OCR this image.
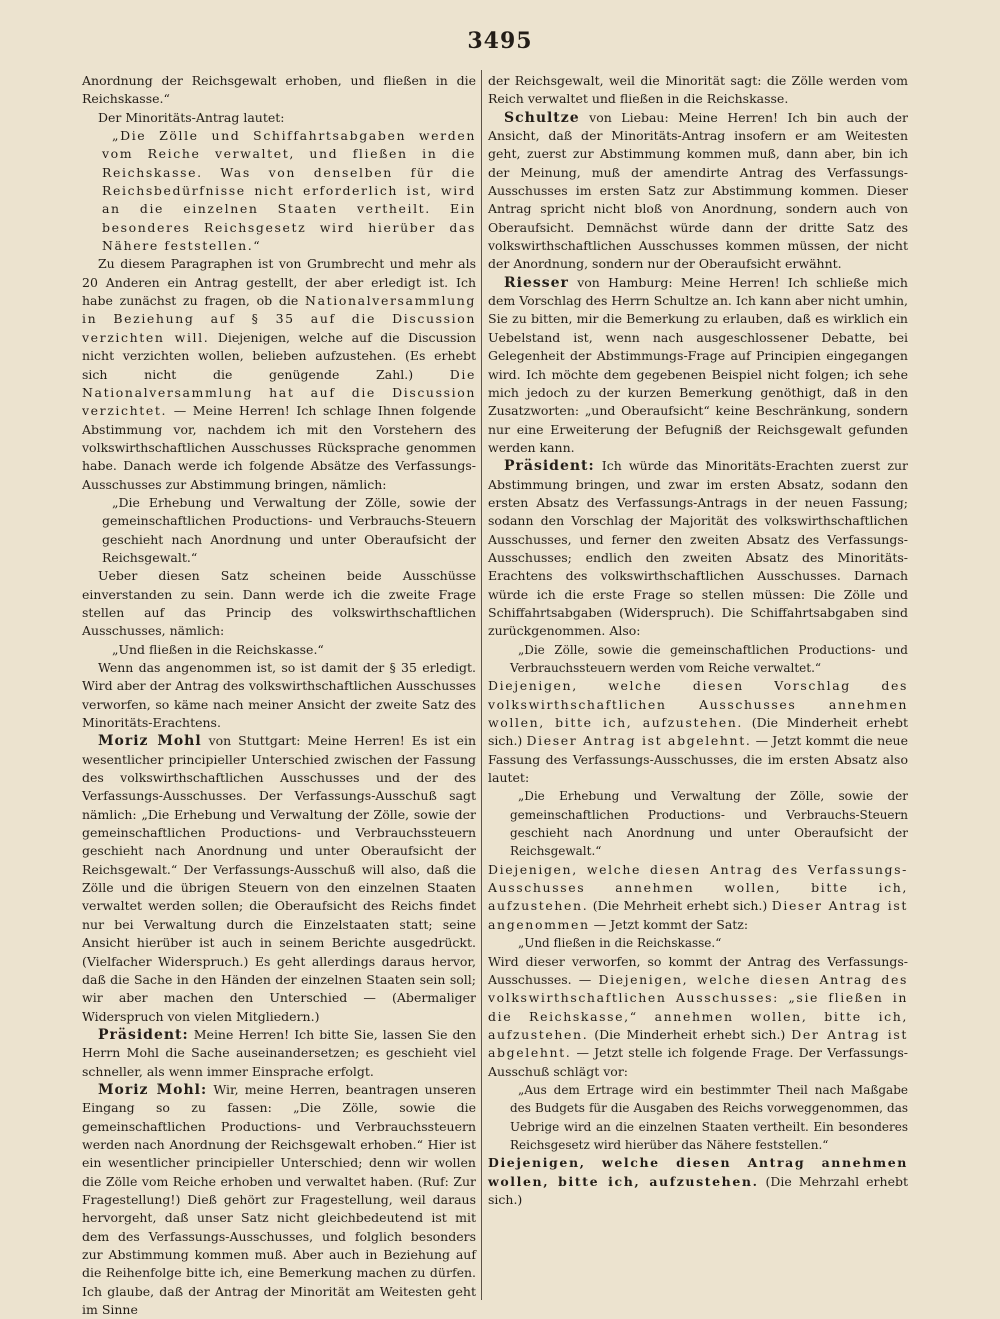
3495

Anordnung der Reichsgewalt erhoben, und fließen in die Reichskasse.“

Der Minoritäts-Antrag lautet:

„Die Zölle und Schiffahrtsabgaben werden vom Reiche verwaltet, und fließen in die Reichskasse. Was von denselben für die Reichsbedürfnisse nicht erforderlich ist, wird an die einzelnen Staaten vertheilt. Ein besonderes Reichsgesetz wird hierüber das Nähere feststellen.“

Zu diesem Paragraphen ist von Grumbrecht und mehr als 20 Anderen ein Antrag gestellt, der aber erledigt ist. Ich habe zunächst zu fragen, ob die Nationalversammlung in Beziehung auf § 35 auf die Discussion verzichten will. Diejenigen, welche auf die Discussion nicht verzichten wollen, belieben aufzustehen. (Es erhebt sich nicht die genügende Zahl.) Die Nationalversammlung hat auf die Discussion verzichtet. — Meine Herren! Ich schlage Ihnen folgende Abstimmung vor, nachdem ich mit den Vorstehern des volkswirthschaftlichen Ausschusses Rücksprache genommen habe. Danach werde ich folgende Absätze des Verfassungs-Ausschusses zur Abstimmung bringen, nämlich:

„Die Erhebung und Verwaltung der Zölle, sowie der gemeinschaftlichen Productions- und Verbrauchs-Steuern geschieht nach Anordnung und unter Oberaufsicht der Reichsgewalt.“

Ueber diesen Satz scheinen beide Ausschüsse einverstanden zu sein. Dann werde ich die zweite Frage stellen auf das Princip des volkswirthschaftlichen Ausschusses, nämlich:

„Und fließen in die Reichskasse.“

Wenn das angenommen ist, so ist damit der § 35 erledigt. Wird aber der Antrag des volkswirthschaftlichen Ausschusses verworfen, so käme nach meiner Ansicht der zweite Satz des Minoritäts-Erachtens.

Moriz Mohl von Stuttgart: Meine Herren! Es ist ein wesentlicher principieller Unterschied zwischen der Fassung des volkswirthschaftlichen Ausschusses und der des Verfassungs-Ausschusses. Der Verfassungs-Ausschuß sagt nämlich: „Die Erhebung und Verwaltung der Zölle, sowie der gemeinschaftlichen Productions- und Verbrauchssteuern geschieht nach Anordnung und unter Oberaufsicht der Reichsgewalt.“ Der Verfassungs-Ausschuß will also, daß die Zölle und die übrigen Steuern von den einzelnen Staaten verwaltet werden sollen; die Oberaufsicht des Reichs findet nur bei Verwaltung durch die Einzelstaaten statt; seine Ansicht hierüber ist auch in seinem Berichte ausgedrückt. (Vielfacher Widerspruch.) Es geht allerdings daraus hervor, daß die Sache in den Händen der einzelnen Staaten sein soll; wir aber machen den Unterschied — (Abermaliger Widerspruch von vielen Mitgliedern.)

Präsident: Meine Herren! Ich bitte Sie, lassen Sie den Herrn Mohl die Sache auseinandersetzen; es geschieht viel schneller, als wenn immer Einsprache erfolgt.

Moriz Mohl: Wir, meine Herren, beantragen unseren Eingang so zu fassen: „Die Zölle, sowie die gemeinschaftlichen Productions- und Verbrauchssteuern werden nach Anordnung der Reichsgewalt erhoben.“ Hier ist ein wesentlicher principieller Unterschied; denn wir wollen die Zölle vom Reiche erhoben und verwaltet haben. (Ruf: Zur Fragestellung!) Dieß gehört zur Fragestellung, weil daraus hervorgeht, daß unser Satz nicht gleichbedeutend ist mit dem des Verfassungs-Ausschusses, und folglich besonders zur Abstimmung kommen muß. Aber auch in Beziehung auf die Reihenfolge bitte ich, eine Bemerkung machen zu dürfen. Ich glaube, daß der Antrag der Minorität am Weitesten geht im Sinne

der Reichsgewalt, weil die Minorität sagt: die Zölle werden vom Reich verwaltet und fließen in die Reichskasse.

Schultze von Liebau: Meine Herren! Ich bin auch der Ansicht, daß der Minoritäts-Antrag insofern er am Weitesten geht, zuerst zur Abstimmung kommen muß, dann aber, bin ich der Meinung, muß der amendirte Antrag des Verfassungs-Ausschusses im ersten Satz zur Abstimmung kommen. Dieser Antrag spricht nicht bloß von Anordnung, sondern auch von Oberaufsicht. Demnächst würde dann der dritte Satz des volkswirthschaftlichen Ausschusses kommen müssen, der nicht der Anordnung, sondern nur der Oberaufsicht erwähnt.

Riesser von Hamburg: Meine Herren! Ich schließe mich dem Vorschlag des Herrn Schultze an. Ich kann aber nicht umhin, Sie zu bitten, mir die Bemerkung zu erlauben, daß es wirklich ein Uebelstand ist, wenn nach ausgeschlossener Debatte, bei Gelegenheit der Abstimmungs-Frage auf Principien eingegangen wird. Ich möchte dem gegebenen Beispiel nicht folgen; ich sehe mich jedoch zu der kurzen Bemerkung genöthigt, daß in den Zusatzworten: „und Oberaufsicht“ keine Beschränkung, sondern nur eine Erweiterung der Befugniß der Reichsgewalt gefunden werden kann.

Präsident: Ich würde das Minoritäts-Erachten zuerst zur Abstimmung bringen, und zwar im ersten Absatz, sodann den ersten Absatz des Verfassungs-Antrags in der neuen Fassung; sodann den Vorschlag der Majorität des volkswirthschaftlichen Ausschusses, und ferner den zweiten Absatz des Verfassungs-Ausschusses; endlich den zweiten Absatz des Minoritäts-Erachtens des volkswirthschaftlichen Ausschusses. Darnach würde ich die erste Frage so stellen müssen: Die Zölle und Schiffahrtsabgaben (Widerspruch). Die Schiffahrtsabgaben sind zurückgenommen. Also:

„Die Zölle, sowie die gemeinschaftlichen Productions- und Verbrauchssteuern werden vom Reiche verwaltet.“

Diejenigen, welche diesen Vorschlag des volkswirthschaftlichen Ausschusses annehmen wollen, bitte ich, aufzustehen. (Die Minderheit erhebt sich.) Dieser Antrag ist abgelehnt. — Jetzt kommt die neue Fassung des Verfassungs-Ausschusses, die im ersten Absatz also lautet:

„Die Erhebung und Verwaltung der Zölle, sowie der gemeinschaftlichen Productions- und Verbrauchs-Steuern geschieht nach Anordnung und unter Oberaufsicht der Reichsgewalt.“

Diejenigen, welche diesen Antrag des Verfassungs-Ausschusses annehmen wollen, bitte ich, aufzustehen. (Die Mehrheit erhebt sich.) Dieser Antrag ist angenommen — Jetzt kommt der Satz:

„Und fließen in die Reichskasse.“

Wird dieser verworfen, so kommt der Antrag des Verfassungs-Ausschusses. — Diejenigen, welche diesen Antrag des volkswirthschaftlichen Ausschusses: „sie fließen in die Reichskasse,“ annehmen wollen, bitte ich, aufzustehen. (Die Minderheit erhebt sich.) Der Antrag ist abgelehnt. — Jetzt stelle ich folgende Frage. Der Verfassungs-Ausschuß schlägt vor:

„Aus dem Ertrage wird ein bestimmter Theil nach Maßgabe des Budgets für die Ausgaben des Reichs vorweggenommen, das Uebrige wird an die einzelnen Staaten vertheilt. Ein besonderes Reichsgesetz wird hierüber das Nähere feststellen.“

Diejenigen, welche diesen Antrag annehmen wollen, bitte ich, aufzustehen. (Die Mehrzahl erhebt sich.)
